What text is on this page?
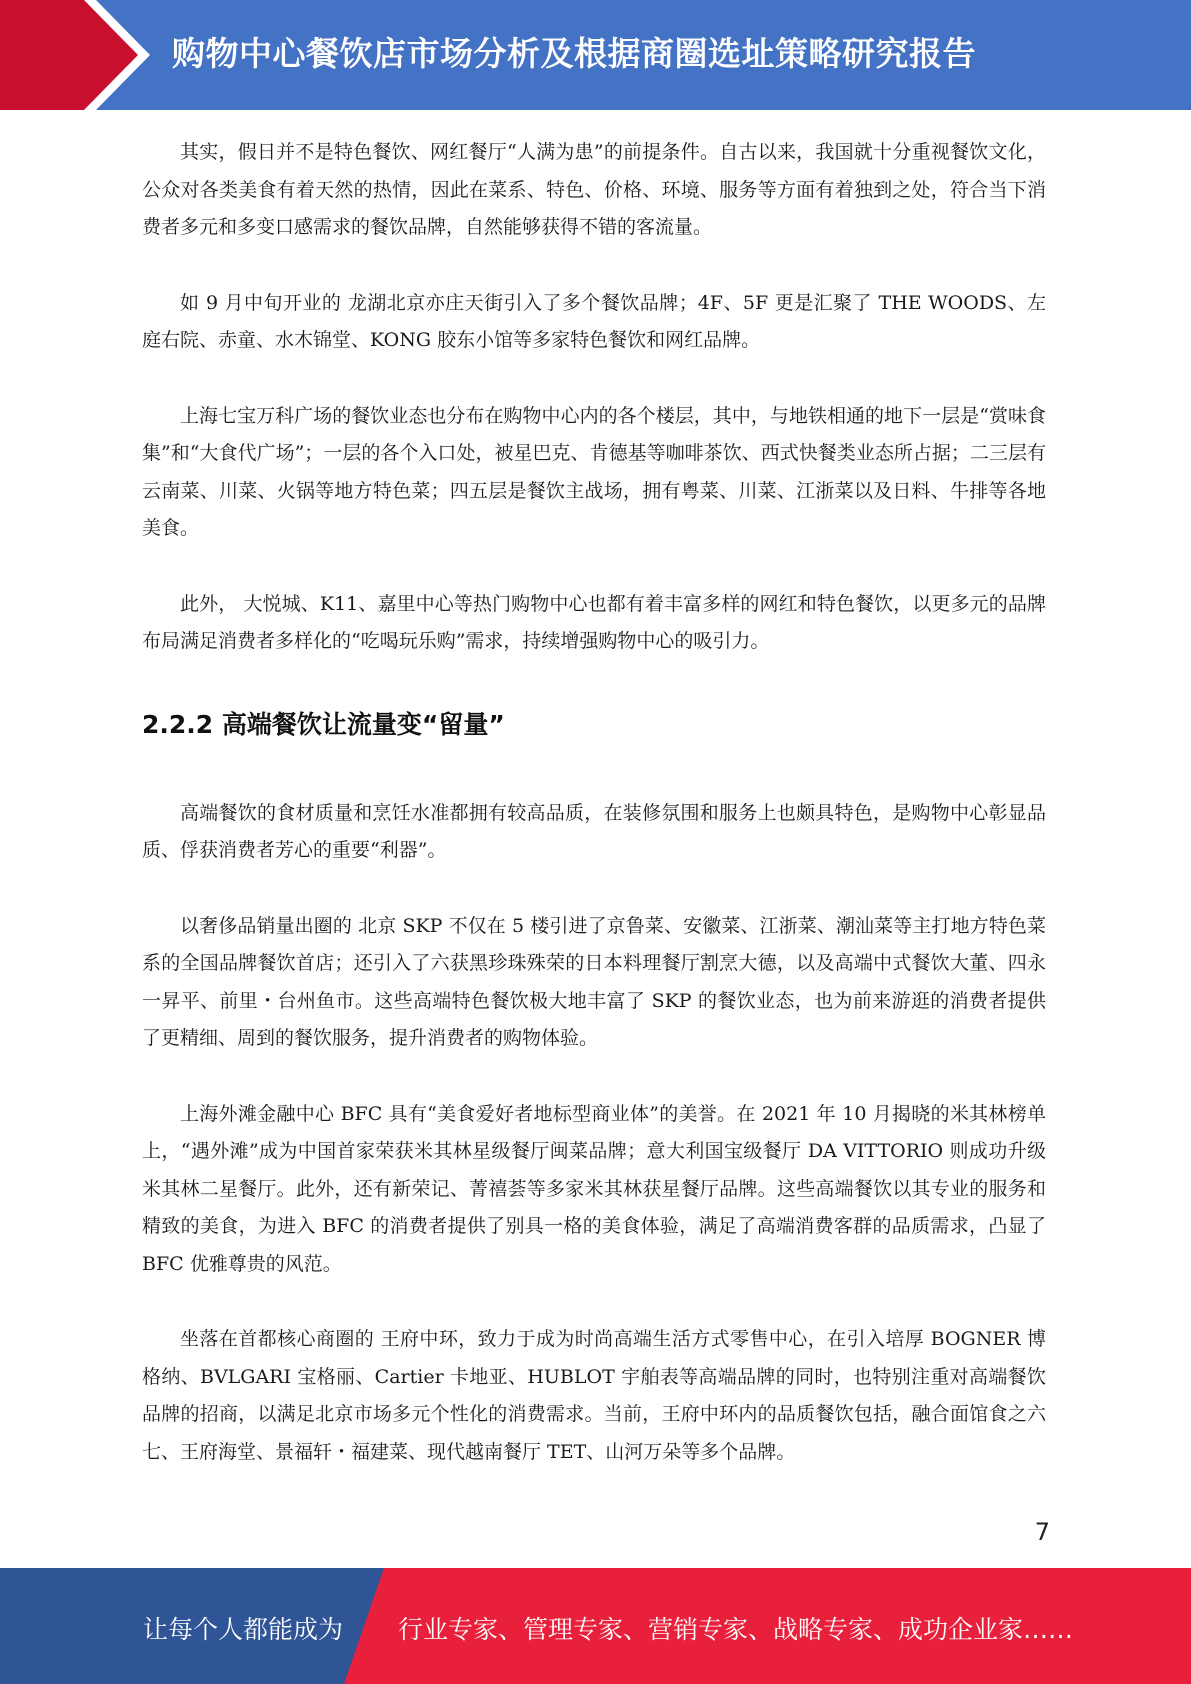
购物中心餐饮店市场分析及根据商圈选址策略研究报告

其实，假日并不是特色餐饮、网红餐厅“人满为患”的前提条件。自古以来，我国就十分重视餐饮文化，公众对各类美食有着天然的热情，因此在菜系、特色、价格、环境、服务等方面有着独到之处，符合当下消费者多元和多变口感需求的餐饮品牌，自然能够获得不错的客流量。

如 9 月中旬开业的 龙湖北京亦庄天街引入了多个餐饮品牌；4F、5F 更是汇聚了 THE WOODS、左庭右院、赤童、水木锦堂、KONG 胶东小馆等多家特色餐饮和网红品牌。

上海七宝万科广场的餐饮业态也分布在购物中心内的各个楼层，其中，与地铁相通的地下一层是“赏味食集”和“大食代广场”；一层的各个入口处，被星巴克、肯德基等咖啡茶饮、西式快餐类业态所占据；二三层有云南菜、川菜、火锅等地方特色菜；四五层是餐饮主战场，拥有粤菜、川菜、江浙菜以及日料、牛排等各地美食。

此外， 大悦城、K11、嘉里中心等热门购物中心也都有着丰富多样的网红和特色餐饮，以更多元的品牌布局满足消费者多样化的“吃喝玩乐购”需求，持续增强购物中心的吸引力。

2.2.2 高端餐饮让流量变“留量”

高端餐饮的食材质量和烹饪水准都拥有较高品质，在装修氛围和服务上也颇具特色，是购物中心彰显品质、俘获消费者芳心的重要“利器”。

以奢侈品销量出圈的 北京 SKP 不仅在 5 楼引进了京鲁菜、安徽菜、江浙菜、潮汕菜等主打地方特色菜系的全国品牌餐饮首店；还引入了六获黑珍珠殊荣的日本料理餐厅割烹大德，以及高端中式餐饮大董、四永一昇平、前里・台州鱼市。这些高端特色餐饮极大地丰富了 SKP 的餐饮业态，也为前来游逛的消费者提供了更精细、周到的餐饮服务，提升消费者的购物体验。

上海外滩金融中心 BFC 具有“美食爱好者地标型商业体”的美誉。在 2021 年 10 月揭晓的米其林榜单上，“遇外滩”成为中国首家荣获米其林星级餐厅闽菜品牌；意大利国宝级餐厅 DA VITTORIO 则成功升级米其林二星餐厅。此外，还有新荣记、菁禧荟等多家米其林获星餐厅品牌。这些高端餐饮以其专业的服务和精致的美食，为进入 BFC 的消费者提供了别具一格的美食体验，满足了高端消费客群的品质需求，凸显了 BFC 优雅尊贵的风范。

坐落在首都核心商圈的 王府中环，致力于成为时尚高端生活方式零售中心，在引入培厚 BOGNER 博格纳、BVLGARI 宝格丽、Cartier 卡地亚、HUBLOT 宇舶表等高端品牌的同时，也特别注重对高端餐饮品牌的招商，以满足北京市场多元个性化的消费需求。当前，王府中环内的品质餐饮包括，融合面馆食之六七、王府海堂、景福轩・福建菜、现代越南餐厅 TET、山河万朵等多个品牌。

7
让每个人都能成为 行业专家、管理专家、营销专家、战略专家、成功企业家……
